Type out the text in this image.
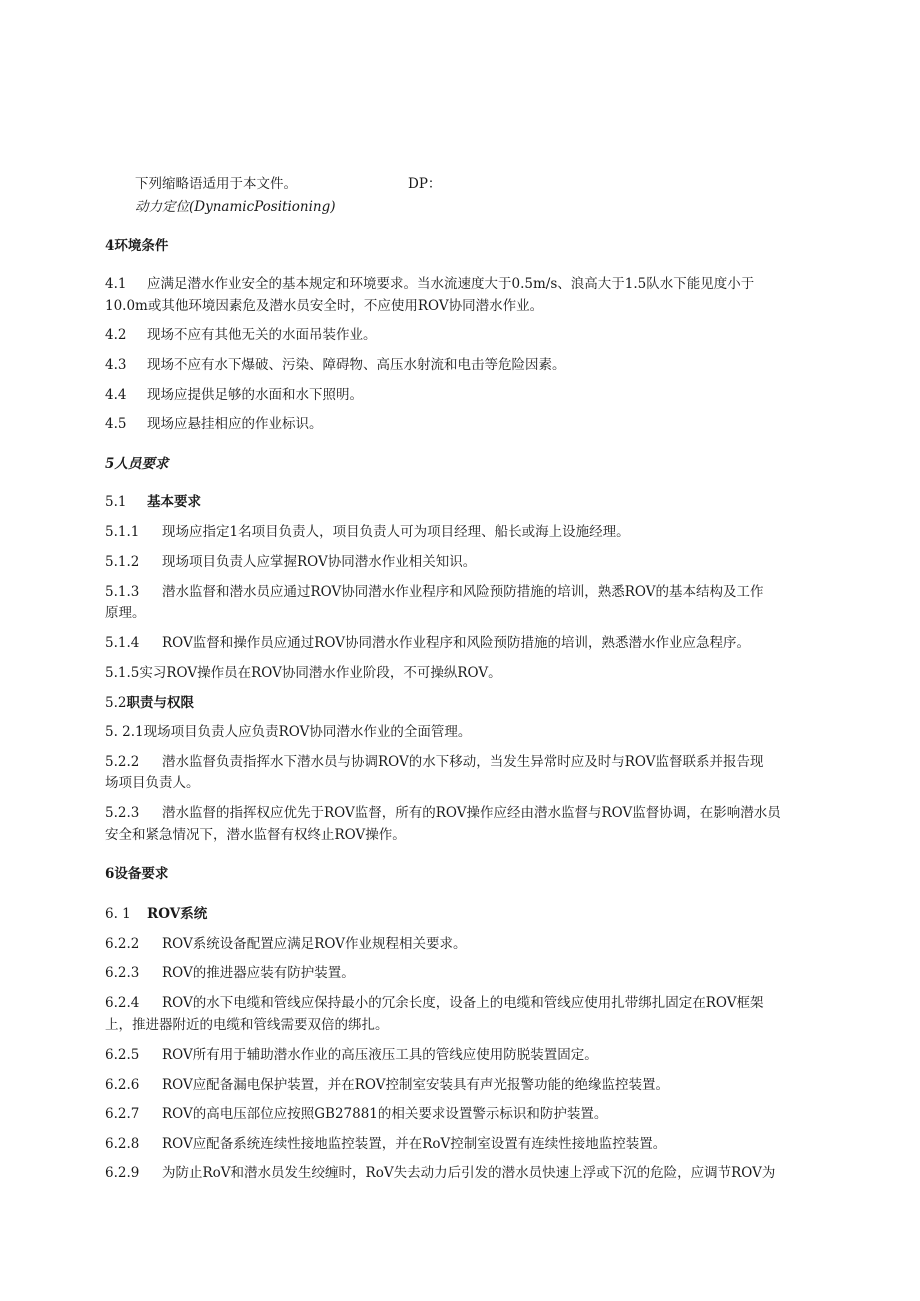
下列缩略语适用于本文件。	DP：
动力定位(DynamicPositioning)
4环境条件
4.1 应满足潜水作业安全的基本规定和环境要求。当水流速度大于0.5m/s、浪高大于1.5队水下能见度小于
10.0m或其他环境因素危及潜水员安全时，不应使用ROV协同潜水作业。
4.2 现场不应有其他无关的水面吊装作业。
4.3 现场不应有水下爆破、污染、障碍物、高压水射流和电击等危险因素。
4.4 现场应提供足够的水面和水下照明。
4.5 现场应悬挂相应的作业标识。
5人员要求
5.1 基本要求
5.1.1 现场应指定1名项目负责人，项目负责人可为项目经理、船长或海上设施经理。
5.1.2 现场项目负责人应掌握ROV协同潜水作业相关知识。
5.1.3 潜水监督和潜水员应通过ROV协同潜水作业程序和风险预防措施的培训，熟悉ROV的基本结构及工作
原理。
5.1.4 ROV监督和操作员应通过ROV协同潜水作业程序和风险预防措施的培训，熟悉潜水作业应急程序。
5.1.5实习ROV操作员在ROV协同潜水作业阶段，不可操纵ROV。
5.2职责与权限
5. 2.1现场项目负责人应负责ROV协同潜水作业的全面管理。
5.2.2 潜水监督负责指挥水下潜水员与协调ROV的水下移动，当发生异常时应及时与ROV监督联系并报告现
场项目负责人。
5.2.3 潜水监督的指挥权应优先于ROV监督，所有的ROV操作应经由潜水监督与ROV监督协调，在影响潜水员
安全和紧急情况下，潜水监督有权终止ROV操作。
6设备要求
6. 1 ROV系统
6.2.2 ROV系统设备配置应满足ROV作业规程相关要求。
6.2.3 ROV的推进器应装有防护装置。
6.2.4 ROV的水下电缆和管线应保持最小的冗余长度，设备上的电缆和管线应使用扎带绑扎固定在ROV框架
上，推进器附近的电缆和管线需要双倍的绑扎。
6.2.5 ROV所有用于辅助潜水作业的高压液压工具的管线应使用防脱装置固定。
6.2.6 ROV应配备漏电保护装置，并在ROV控制室安装具有声光报警功能的绝缘监控装置。
6.2.7 ROV的高电压部位应按照GB27881的相关要求设置警示标识和防护装置。
6.2.8 ROV应配备系统连续性接地监控装置，并在RoV控制室设置有连续性接地监控装置。
6.2.9 为防止RoV和潜水员发生绞缠时，RoV失去动力后引发的潜水员快速上浮或下沉的危险，应调节ROV为
